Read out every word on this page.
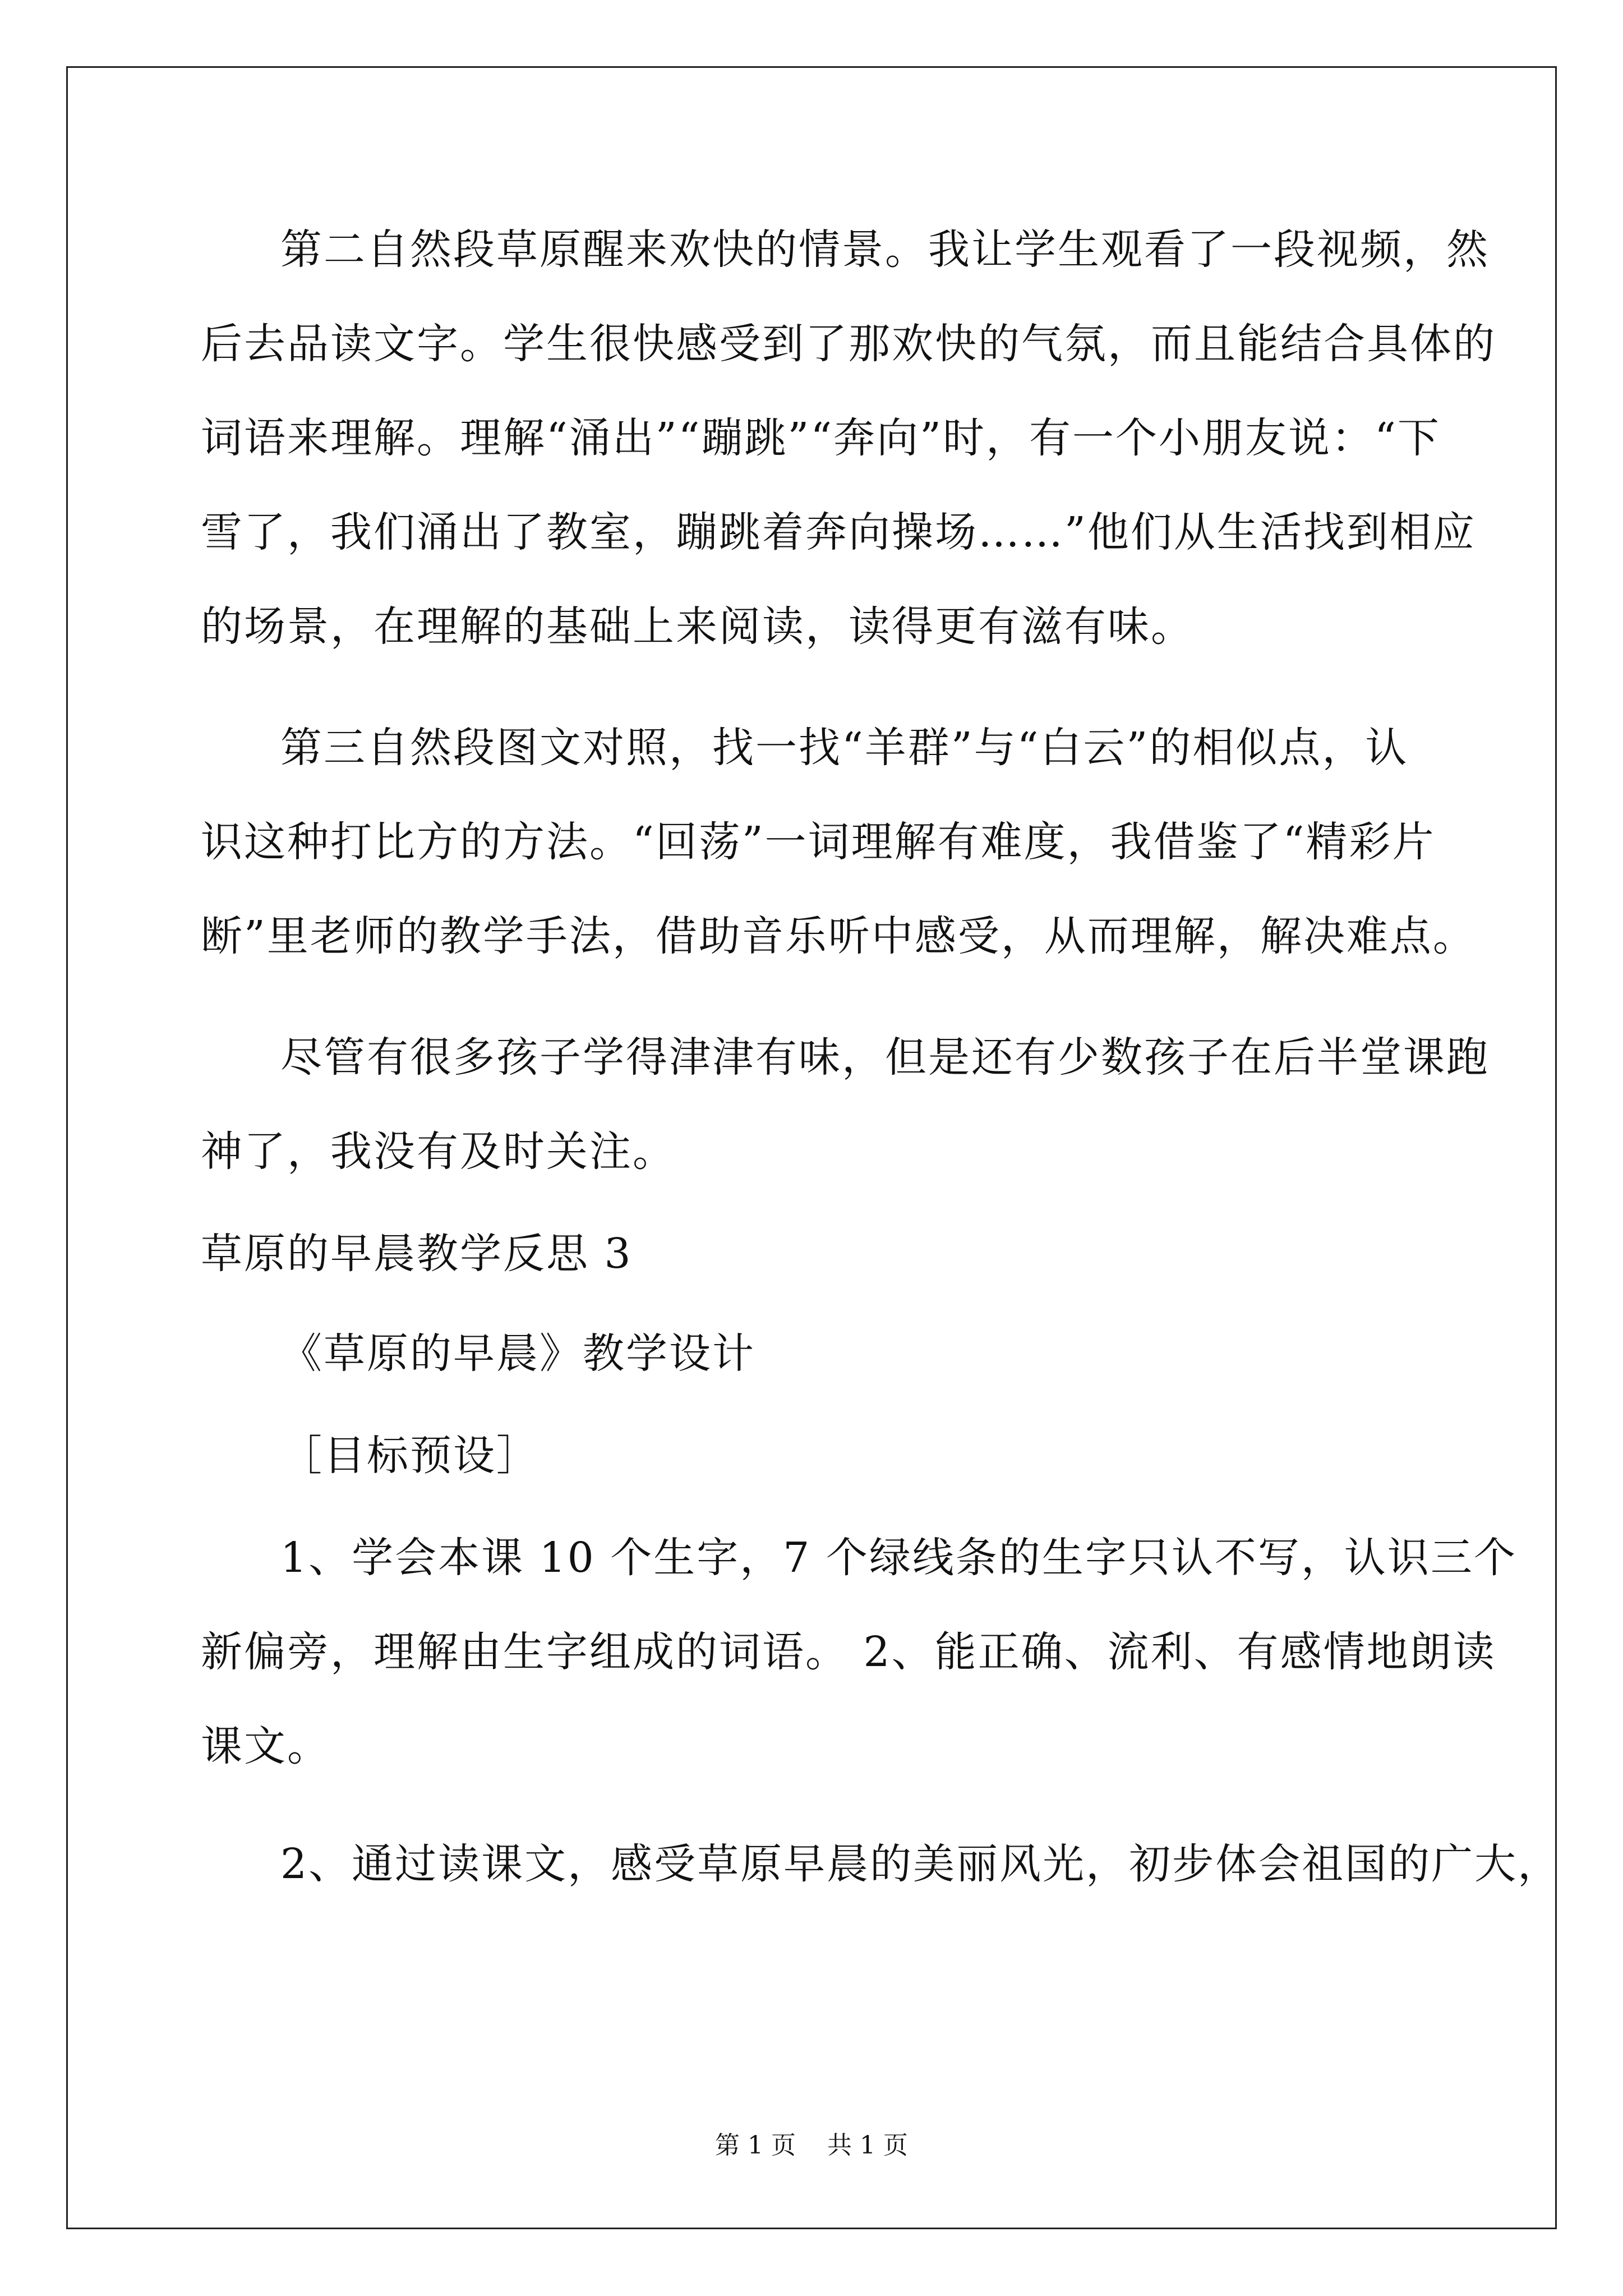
第二自然段草原醒来欢快的情景。我让学生观看了一段视频，然
后去品读文字。学生很快感受到了那欢快的气氛，而且能结合具体的
词语来理解。理解“涌出”“蹦跳”“奔向”时，有一个小朋友说：“下
雪了，我们涌出了教室，蹦跳着奔向操场……”他们从生活找到相应
的场景，在理解的基础上来阅读，读得更有滋有味。
第三自然段图文对照，找一找“羊群”与“白云”的相似点，认
识这种打比方的方法。“回荡”一词理解有难度，我借鉴了“精彩片
断”里老师的教学手法，借助音乐听中感受，从而理解，解决难点。
尽管有很多孩子学得津津有味，但是还有少数孩子在后半堂课跑
神了，我没有及时关注。
草原的早晨教学反思 3
《草原的早晨》教学设计
［目标预设］
1、学会本课 10 个生字，7 个绿线条的生字只认不写，认识三个
新偏旁，理解由生字组成的词语。 2、能正确、流利、有感情地朗读
课文。
2、通过读课文，感受草原早晨的美丽风光，初步体会祖国的广大，
第 1 页    共 1 页
